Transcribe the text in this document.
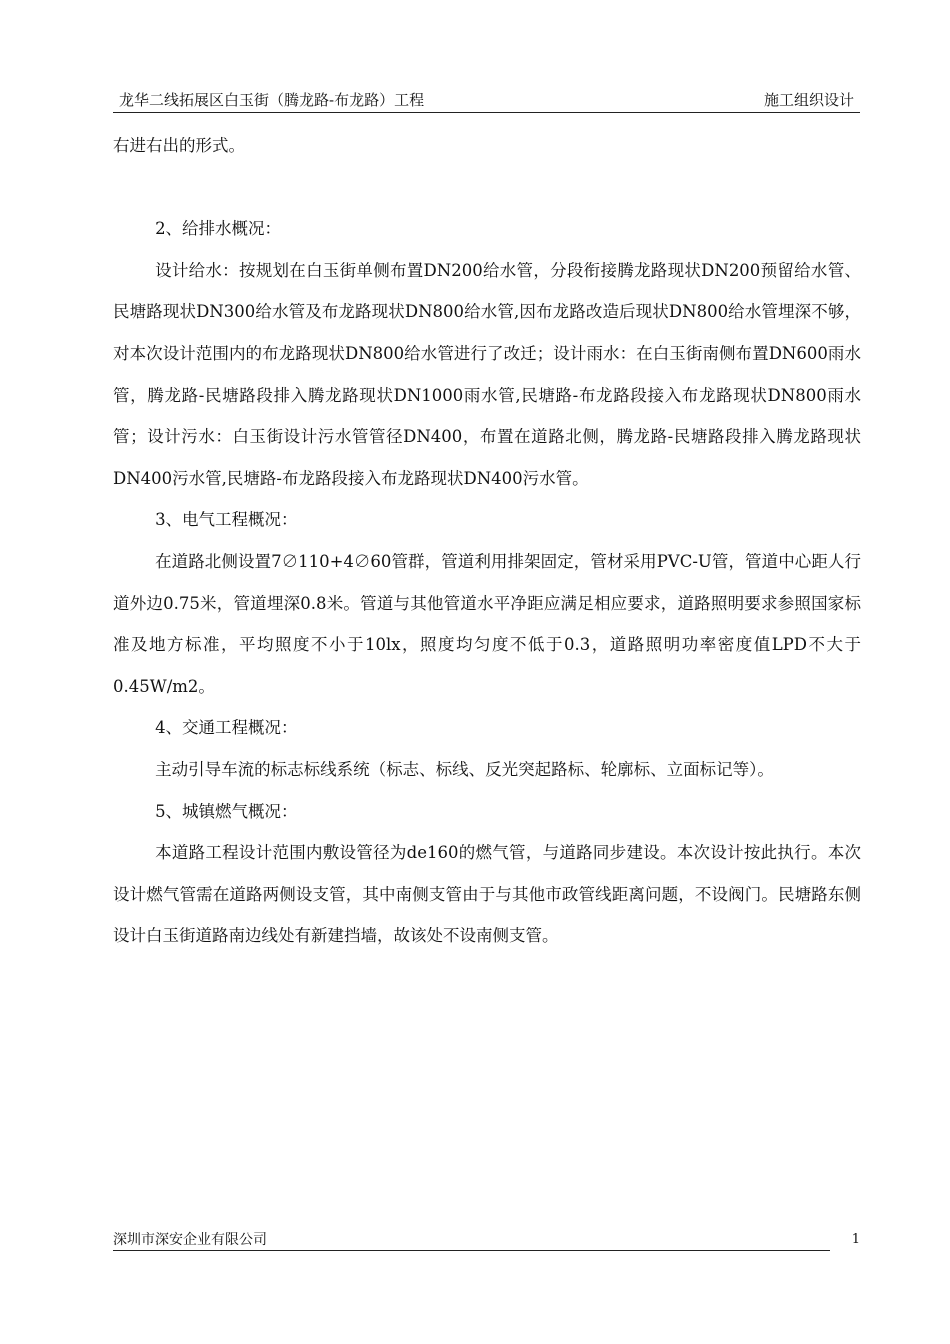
龙华二线拓展区白玉街（腾龙路-布龙路）工程	施工组织设计

右进右出的形式。

2、给排水概况：

设计给水：按规划在白玉街单侧布置DN200给水管，分段衔接腾龙路现状DN200预留给水管、民塘路现状DN300给水管及布龙路现状DN800给水管,因布龙路改造后现状DN800给水管埋深不够，对本次设计范围内的布龙路现状DN800给水管进行了改迁；设计雨水：在白玉街南侧布置DN600雨水管，腾龙路-民塘路段排入腾龙路现状DN1000雨水管,民塘路-布龙路段接入布龙路现状DN800雨水管；设计污水：白玉街设计污水管管径DN400，布置在道路北侧，腾龙路-民塘路段排入腾龙路现状DN400污水管,民塘路-布龙路段接入布龙路现状DN400污水管。

3、电气工程概况：

在道路北侧设置7∅110+4∅60管群，管道利用排架固定，管材采用PVC-U管，管道中心距人行道外边0.75米，管道埋深0.8米。管道与其他管道水平净距应满足相应要求，道路照明要求参照国家标准及地方标准，平均照度不小于10lx，照度均匀度不低于0.3，道路照明功率密度值LPD不大于0.45W/m2。

4、交通工程概况：

主动引导车流的标志标线系统（标志、标线、反光突起路标、轮廓标、立面标记等）。

5、城镇燃气概况：

本道路工程设计范围内敷设管径为de160的燃气管，与道路同步建设。本次设计按此执行。本次设计燃气管需在道路两侧设支管，其中南侧支管由于与其他市政管线距离问题，不设阀门。民塘路东侧设计白玉街道路南边线处有新建挡墙，故该处不设南侧支管。

深圳市深安企业有限公司	1
